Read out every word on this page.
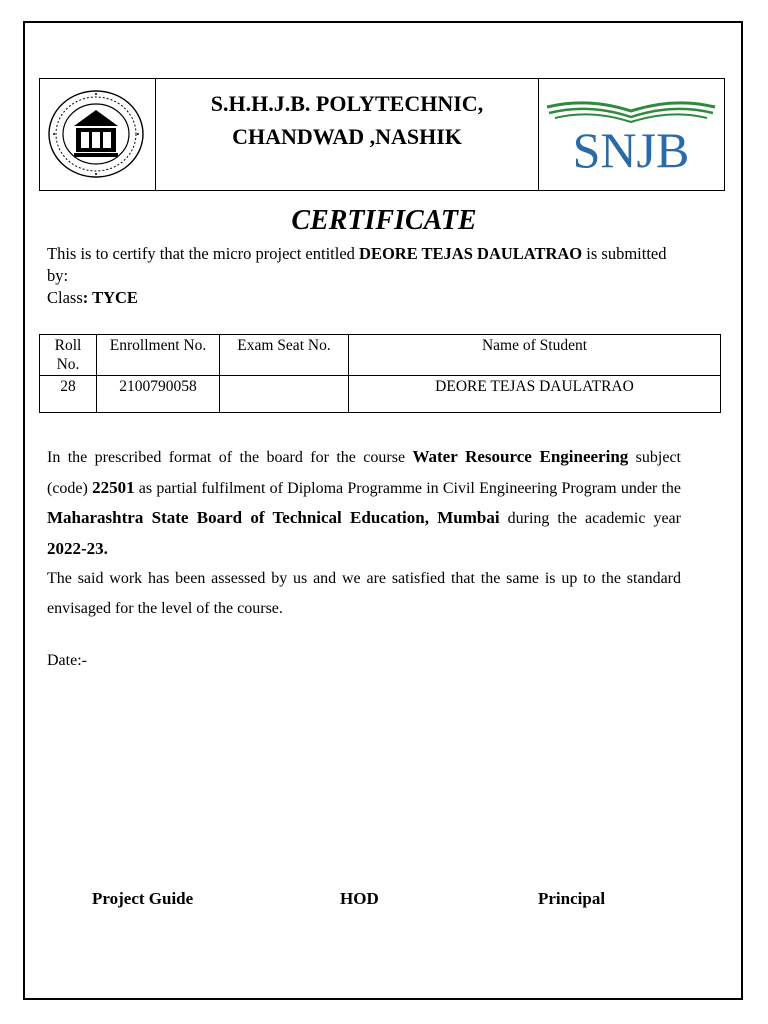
S.H.H.J.B. POLYTECHNIC,
CHANDWAD ,NASHIK	SNJB
CERTIFICATE
This is to certify that the micro project entitled DEORE TEJAS DAULATRAO is submitted by:
Class: TYCE
Roll No.	Enrollment No.	Exam Seat No.	Name of Student
28	2100790058		DEORE TEJAS DAULATRAO
In the prescribed format of the board for the course Water Resource Engineering subject (code) 22501 as partial fulfilment of Diploma Programme in Civil Engineering Program under the Maharashtra State Board of Technical Education, Mumbai during the academic year 2022-23.
The said work has been assessed by us and we are satisfied that the same is up to the standard envisaged for the level of the course.
Date:-
Project Guide	HOD	Principal
